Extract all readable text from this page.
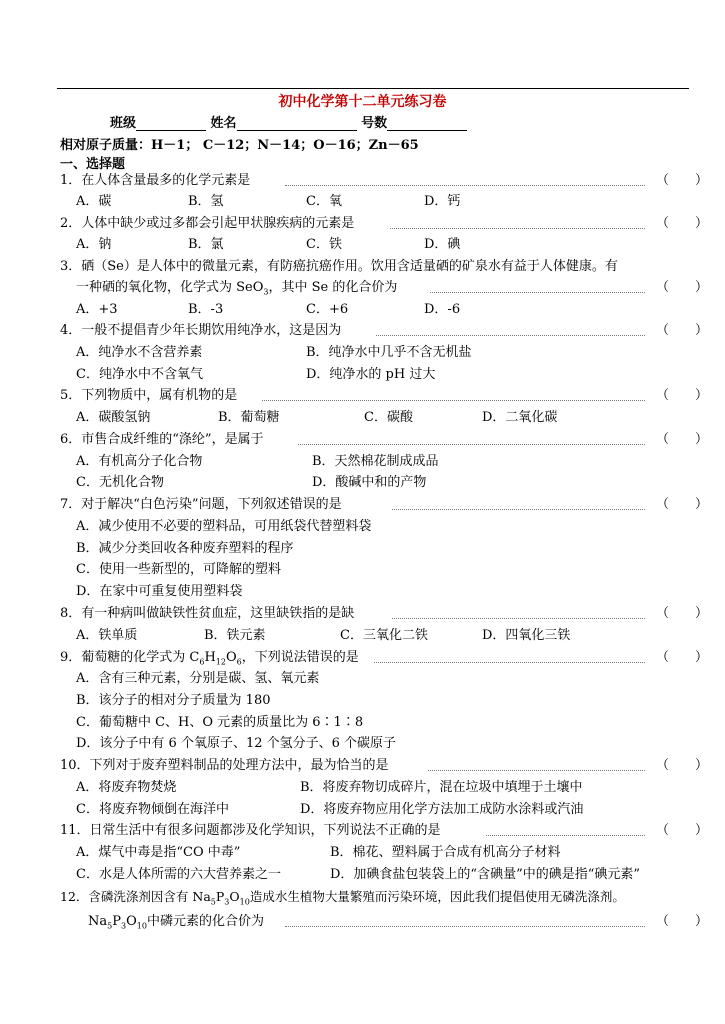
初中化学第十二单元练习卷
班级	姓名	号数
相对原子质量：H－1； C－12；N－14；O－16；Zn－65
一、选择题
1．在人体含量最多的化学元素是	（　　）
A．碳	B．氢	C．氧	D．钙
2．人体中缺少或过多都会引起甲状腺疾病的元素是	（　　）
A．钠	B．氯	C．铁	D．碘
3．硒（Se）是人体中的微量元素，有防癌抗癌作用。饮用含适量硒的矿泉水有益于人体健康。有
一种硒的氧化物，化学式为 SeO$_3$，其中 Se 的化合价为	（　　）
A．+3	B．-3	C．+6	D．-6
4．一般不提倡青少年长期饮用纯净水，这是因为	（　　）
A．纯净水不含营养素	B．纯净水中几乎不含无机盐
C．纯净水中不含氧气	D．纯净水的 pH 过大
5．下列物质中，属有机物的是	（　　）
A．碳酸氢钠	B．葡萄糖	C．碳酸	D．二氧化碳
6．市售合成纤维的“涤纶”，是属于	（　　）
A．有机高分子化合物	B．天然棉花制成成品
C．无机化合物	D．酸碱中和的产物
7．对于解决“白色污染”问题，下列叙述错误的是	（　　）
A．减少使用不必要的塑料品，可用纸袋代替塑料袋
B．减少分类回收各种废弃塑料的程序
C．使用一些新型的，可降解的塑料
D．在家中可重复使用塑料袋
8．有一种病叫做缺铁性贫血症，这里缺铁指的是缺	（　　）
A．铁单质	B．铁元素	C．三氧化二铁	D．四氧化三铁
9．葡萄糖的化学式为 $C_6H_{12}O_6$，下列说法错误的是	（　　）
A．含有三种元素，分别是碳、氢、氧元素
B．该分子的相对分子质量为 180
C．葡萄糖中 C、H、O 元素的质量比为 6∶1∶8
D．该分子中有 6 个氧原子、12 个氢分子、6 个碳原子
10．下列对于废弃塑料制品的处理方法中，最为恰当的是	（　　）
A．将废弃物焚烧	B．将废弃物切成碎片，混在垃圾中填埋于土壤中
C．将废弃物倾倒在海洋中	D．将废弃物应用化学方法加工成防水涂料或汽油
11．日常生活中有很多问题都涉及化学知识，下列说法不正确的是	（　　）
A．煤气中毒是指“CO 中毒”	B．棉花、塑料属于合成有机高分子材料
C．水是人体所需的六大营养素之一	D．加碘食盐包装袋上的“含碘量”中的碘是指“碘元素”
12．含磷洗涤剂因含有 $Na_5P_3O_{10}$造成水生植物大量繁殖而污染环境，因此我们提倡使用无磷洗涤剂。
$Na_5P_3O_{10}$中磷元素的化合价为	（　　）
